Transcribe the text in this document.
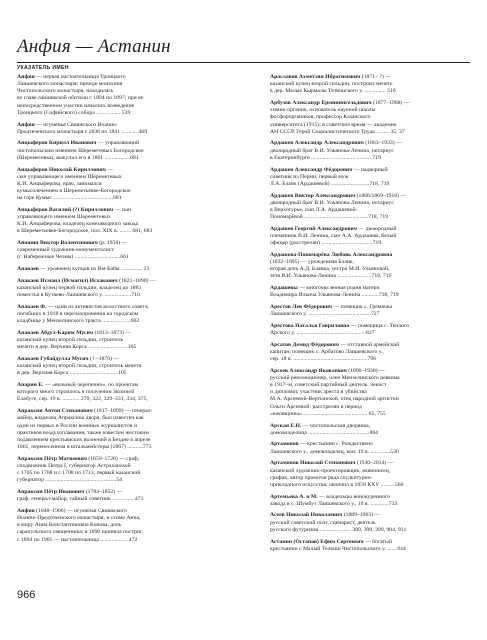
Анфия — Астанин
УКАЗАТЕЛЬ ИМЕН
Анфия — первая настоятельница Троицкого
Лаишевского монастыря; прежде монахиня
Чистопольского монастыря, находилась
во главе лаишевской обители с 1894 по 1897; при ее
непосредственном участии начались возведение
Троицкого (Софийского) собора ................. 539
Анфия — игуменья Свияжского Иоанно-
Предтеченского монастыря с 1838 по 1841 ........... 469
Анцыферов Кирилл Иванович — управляющий
чистопольским имением Шереметевых Богородское
(Шереметевка), выкупил его в 1861 ..................681
Анцыферов Николай Кириллович —
сын управляющего имением Шереметевых
К.И. Анцыферова, врач, занимался
кумысолечением в Шереметьевке-Богородское
на горе Кумыс ..........................................681
Анцыферов Василий (?) Кириллович — сын
управляющего имением Шереметевых
К.И. Анцыферова, владелец конезаводного завода
в Шереметьевке-Богородское, пол. XIX в. ........ 681, 683
Аношин Виктор Валентинович (р. 1958) —
современный художник-монументалист
(г. Набережные Челны) ................................661
Апакаев — уроженец купцов из Им-Бабы ............... 23
Апакаев Исмаил (Исмагил) Исхакович (1821–1890) —
казанский купец первой гильдии, владелец до 1883
поместья в Кутаево-Лаишевского у. ...................710
Апакаев Ф. — один из активистов волостного совета,
погибших в 1918 в перезахоронения на городском
кладбище у Мензелинского тракта ....................662
Апакаев Абдул-Карим Мусич (1813–1873) —
казанский купец второй гильдии, строитель
мечети в дер. Верхняя Корса ............................105
Апакаев Губайдулла Мусич (? –1870) —
казанский купец второй гильдии, строитель мечети
в дер. Верхняя Корса ..................................105
Апарин Е. — «вольный черепенно», по проектам
которого много строилось в поселении Зюзиной
Елабуге, сер. 19 в. ............ 279, 322, 329–331, 334, 375,
Апраксин Антон Степанович (1817–1899) — генерал-
майор, владелец Апраксина двора, был известен как
один из первых в России военных журналистов и
практиков воздухоплавания, также известен жестоким
подавлением крестьянских волнений в Бездне в апреле
1861, перенесенном в штальмейстеры (1867) ...........773
Апраксин Пётр Матвеевич (1659–1728) — граф,
сподвижник Петра I, губернатор Астраханской
с 1705 по 1708 и с 1708 по 1713, первый казанский
губернатор ..................................................54
Апраксин Пётр Иванович (1784–1852) —
граф, генерал-майор, тайный советник ................471
Анфия (1848–1906) — игуменья Свияжского
Иоанно-Предтеченского монастыря, в схиме Анна,
в миру Анна Константиновна Конова, дочь
сарапульского священника; в 1890 приняла постриг,
с 1894 по 1905 — настоятельница ....................472
Араславов Ахметзян Ибрагимович (1871– ?) —
казанский купец второй гильдии, построил мечеть
в дер. Малые Кырмалы Тетюшского у. ............... 510
Арбузов Александр Ерминингельдович (1877–1968) —
химик-органик, основатель научной школы
фосфороргаников, профессор Казанского
университета (1915); в советское время — академик
АН СССР, Герой Социалистического Труда ......... 35, 37
Ардашев Александр Александрович (1863–1933) —
двоюродный брат В.И. Ульянова-Ленина, нотариус
в Екатеринбурге ...........................................719
Ардашев Александр Фёдорович — надворный
советник из Перми, первый муж
Л.А. Бланк (Ардашевой) ...........................718, 719
Ардашев Виктор Александрович (1866/1869–1918) —
двоюродный брат В.И. Ульянова-Ленина, нотариус
в Верхотурье, сын Л.А. Ардашевой-
Пономарёвой .............................................718, 719
Ардашев Георгий Александрович — двоюродный
племянник В.И. Ленина, сын А.А. Ардашева, белый
офицер (расстрелян) ....................................719
Ардашева-Пономарёва Любовь Александровна
(1832–1895) — урожденная Бланк,
вторая дочь А.Д. Бланка, сестра М.И. Ульяновой,
тетя В.И. Ульянова-Ленина ........................718, 719
Ардашевы — многочисленная родня матери
Владимира Ильича Ульянова-Ленина ............718, 719
Арестов Лев Фёдорович — помещик с. Гремячка
Лаишевского у. ............................................727
Арестова Наталья Гавриловна — помещица с. Теплого
Арского у. .................................................827
Арсатов Демид Фёдорович — отставной армейский
капитан, помещик с. Арбатово Лаишевского у.,
сер. 18 в. ....................................................796
Арсеев Александр Яковлевич (1890–1938) —
русский революционер, член Мензелинского ревкома
в 1917–м, советский партийный деятель, чекист
и дипломат, участник ареста и убийства
М.А. Арсеевой-Вертынской, отец народной артистки
Ольги Арсеевой; расстрелян в период
«ежовщины» ............................................. 65, 755
Арская Е.Н. — чистопольская дворянка,
домовладелица ...........................................864
Артамонов — крестьянин с. Рождествено
Лаишевского у., домовладелец, кон. 19 в. ..............530
Артамонов Николай Степанович (1930–2014) —
казанский художник-проектировщик, живописец,
график, автор проектов ряда скульптурно-
прикладного искусства; окончил в 1958 КХУ ..........560
Артемьева А. и М. — владельцы винокуренного
завода в с. Шумбут Лаишевского у., 19 в. .............733
Асеев Николай Николаевич (1889–1963) —
русский советский поэт, сценарист, деятель
русского футуризма ...................... 389, 390, 399, 904, 931
Астанин (Остапов) Ефим Сергеевич — богатый
крестьянин с Малый Толкиш Чистопольского у. .......944
966
